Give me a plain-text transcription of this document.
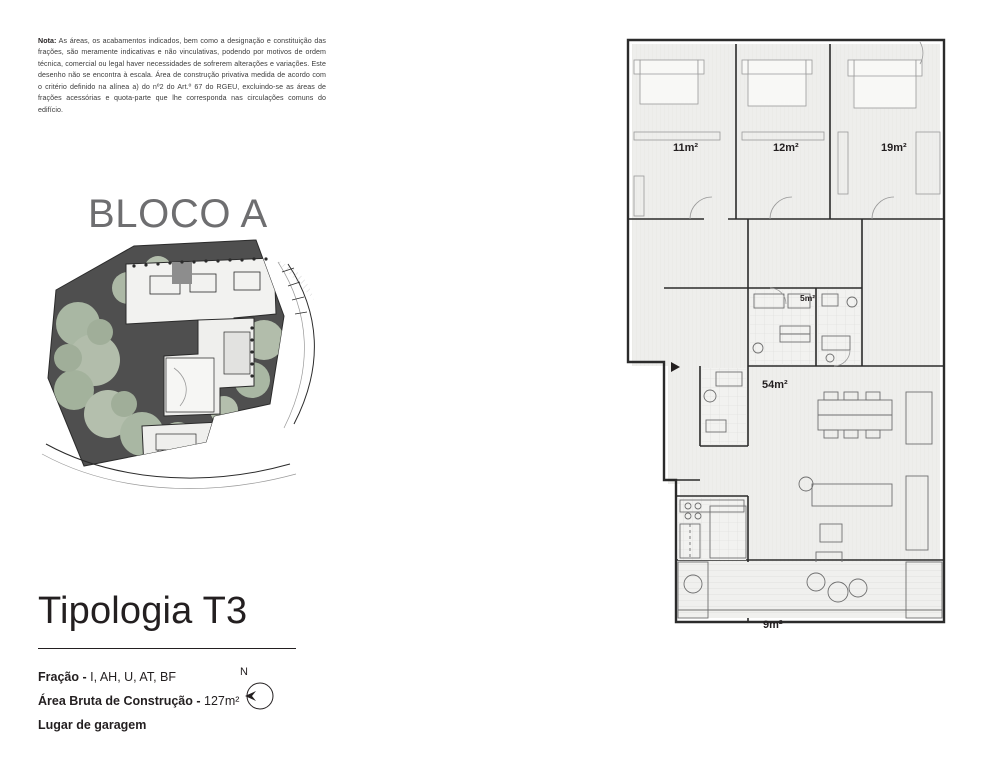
Nota: As áreas, os acabamentos indicados, bem como a designação e constituição das frações, são meramente indicativas e não vinculativas, podendo por motivos de ordem técnica, comercial ou legal haver necessidades de sofrerem alterações e variações. Este desenho não se encontra à escala. Área de construção privativa medida de acordo com o critério definido na alínea a) do nº2 do Art.º 67 do RGEU, excluindo-se as áreas de frações acessórias e quota-parte que lhe corresponda nas circulações comuns do edifício.
BLOCO A
N
Tipologia T3
Fração - I, AH, U, AT, BF
Área Bruta de Construção - 127m²
Lugar de garagem
11m²	12m²	19m²
5m²
54m²
9m²
